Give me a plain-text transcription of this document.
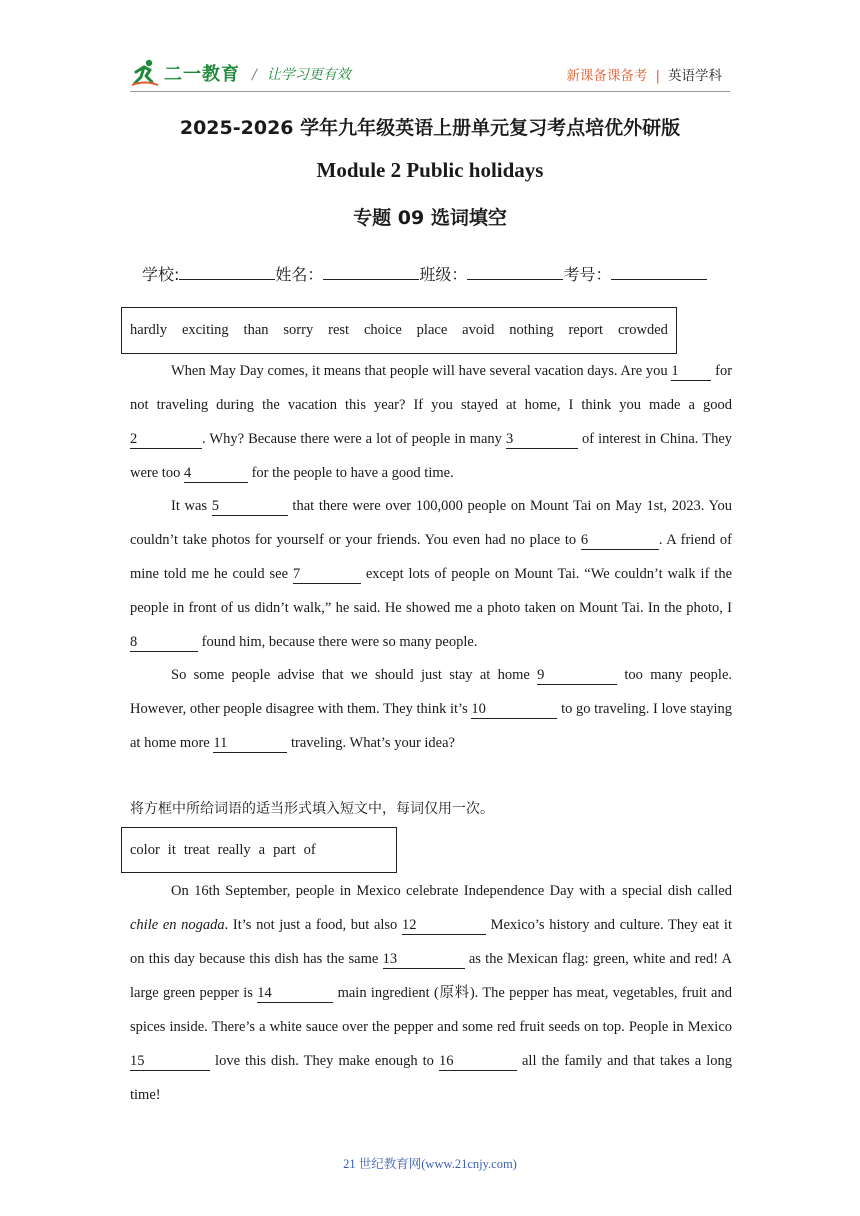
二一教育 / 让学习更有效	新课备课备考 | 英语学科
2025-2026 学年九年级英语上册单元复习考点培优外研版
Module 2 Public holidays
专题 09 选词填空
学校:	姓名：	班级：	考号：
hardly exciting than sorry rest choice place avoid nothing report crowded
When May Day comes, it means that people will have several vacation days. Are you 1	for not traveling during the vacation this year? If you stayed at home, I think you made a good 2	. Why? Because there were a lot of people in many 3	of interest in China. They were too 4	for the people to have a good time.
It was 5	that there were over 100,000 people on Mount Tai on May 1st, 2023. You couldn’t take photos for yourself or your friends. You even had no place to 6	. A friend of mine told me he could see 7	except lots of people on Mount Tai. “We couldn’t walk if the people in front of us didn’t walk,” he said. He showed me a photo taken on Mount Tai. In the photo, I 8	found him, because there were so many people.
So some people advise that we should just stay at home 9	too many people. However, other people disagree with them. They think it’s 10	to go traveling. I love staying at home more 11	traveling. What’s your idea?
将方框中所给词语的适当形式填入短文中，每词仅用一次。
color it treat really a part of
On 16th September, people in Mexico celebrate Independence Day with a special dish called chile en nogada. It’s not just a food, but also 12	Mexico’s history and culture. They eat it on this day because this dish has the same 13	as the Mexican flag: green, white and red! A large green pepper is 14	main ingredient (原料). The pepper has meat, vegetables, fruit and spices inside. There’s a white sauce over the pepper and some red fruit seeds on top. People in Mexico 15	love this dish. They make enough to 16	all the family and that takes a long time!
21 世纪教育网(www.21cnjy.com)
